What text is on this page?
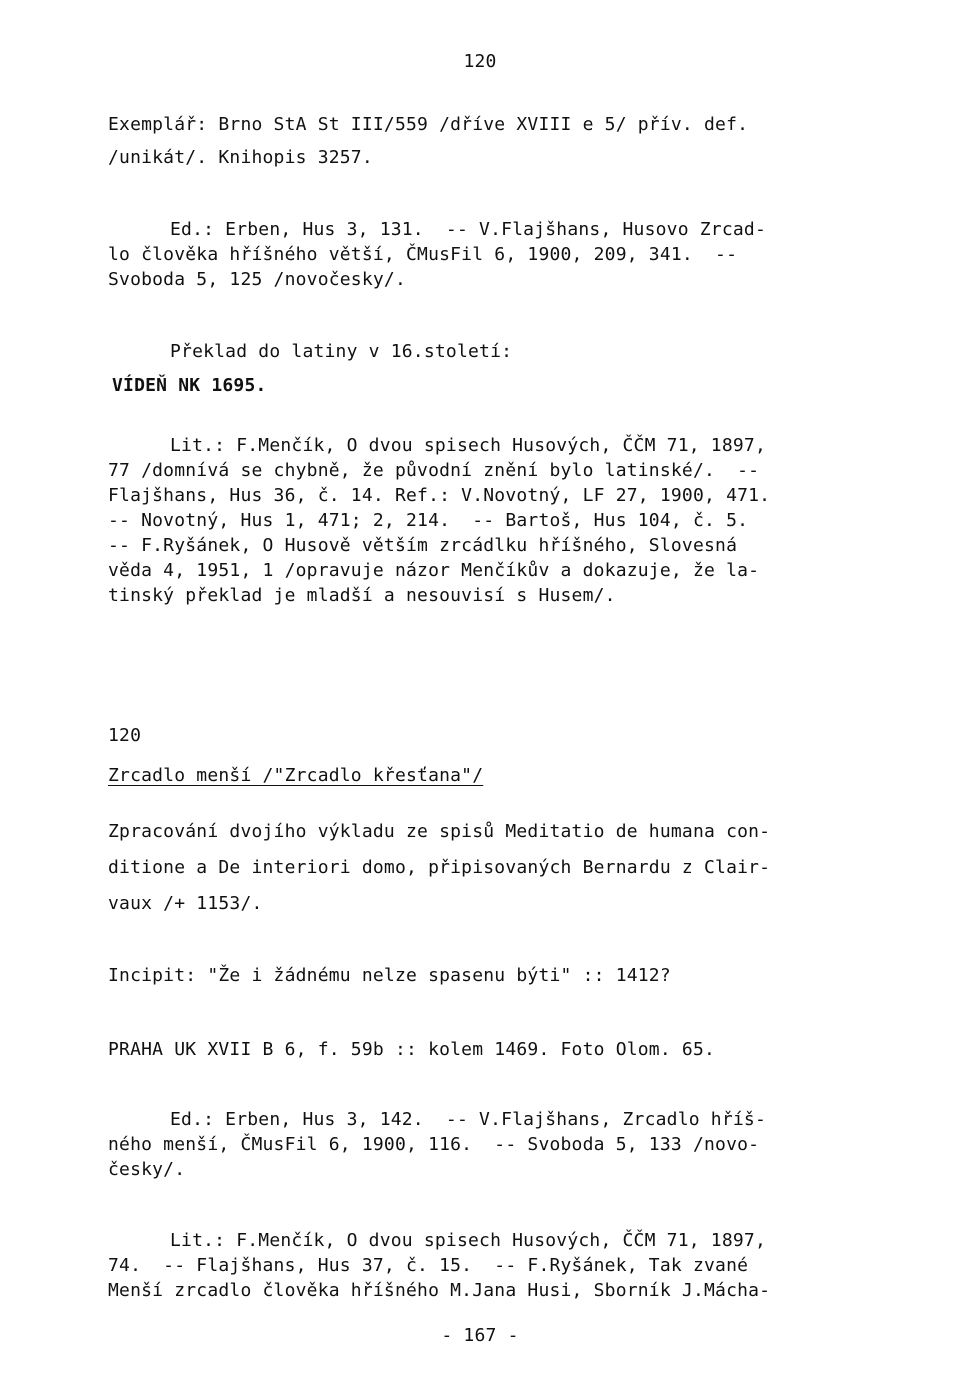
120
Exemplář: Brno StA St III/559 /dříve XVIII e 5/ přív. def.
/unikát/. Knihopis 3257.
Ed.: Erben, Hus 3, 131.  -- V.Flajšhans, Husovo Zrcad-
lo člověka hříšného větší, ČMusFil 6, 1900, 209, 341.  --
Svoboda 5, 125 /novočesky/.
Překlad do latiny v 16.století:
VÍDEŇ NK 1695.
Lit.: F.Menčík, O dvou spisech Husových, ČČM 71, 1897,
77 /domnívá se chybně, že původní znění bylo latinské/.  --
Flajšhans, Hus 36, č. 14. Ref.: V.Novotný, LF 27, 1900, 471.
-- Novotný, Hus 1, 471; 2, 214.  -- Bartoš, Hus 104, č. 5.
-- F.Ryšánek, O Husově větším zrcádlku hříšného, Slovesná
věda 4, 1951, 1 /opravuje názor Menčíkův a dokazuje, že la-
tinský překlad je mladší a nesouvisí s Husem/.
120
Zrcadlo menší /"Zrcadlo křesťana"/
Zpracování dvojího výkladu ze spisů Meditatio de humana con-
ditione a De interiori domo, připisovaných Bernardu z Clair-
vaux /+ 1153/.
Incipit: "Že i žádnému nelze spasenu býti" :: 1412?
PRAHA UK XVII B 6, f. 59b :: kolem 1469. Foto Olom. 65.
Ed.: Erben, Hus 3, 142.  -- V.Flajšhans, Zrcadlo hříš-
ného menší, ČMusFil 6, 1900, 116.  -- Svoboda 5, 133 /novo-
česky/.
Lit.: F.Menčík, O dvou spisech Husových, ČČM 71, 1897,
74.  -- Flajšhans, Hus 37, č. 15.  -- F.Ryšánek, Tak zvané
Menší zrcadlo člověka hříšného M.Jana Husi, Sborník J.Mácha-
- 167 -
